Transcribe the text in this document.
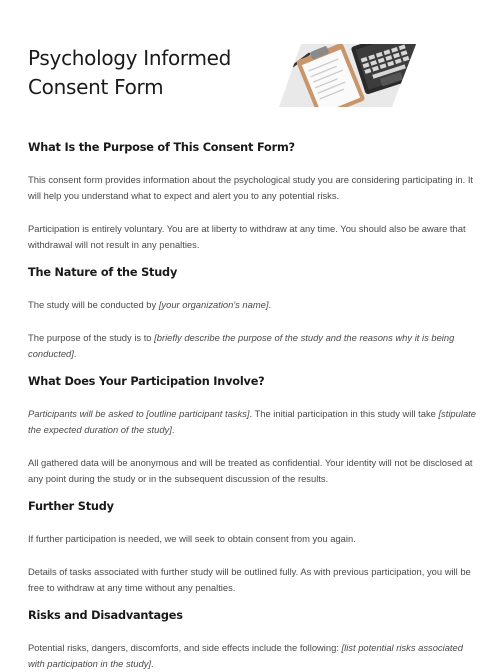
Psychology Informed
Consent Form
What Is the Purpose of This Consent Form?

This consent form provides information about the psychological study you are considering participating in. It will help you understand what to expect and alert you to any potential risks.

Participation is entirely voluntary. You are at liberty to withdraw at any time. You should also be aware that withdrawal will not result in any penalties.

The Nature of the Study

The study will be conducted by [your organization's name].

The purpose of the study is to [briefly describe the purpose of the study and the reasons why it is being conducted].

What Does Your Participation Involve?

Participants will be asked to [outline participant tasks]. The initial participation in this study will take [stipulate the expected duration of the study].

All gathered data will be anonymous and will be treated as confidential. Your identity will not be disclosed at any point during the study or in the subsequent discussion of the results.

Further Study

If further participation is needed, we will seek to obtain consent from you again.

Details of tasks associated with further study will be outlined fully. As with previous participation, you will be free to withdraw at any time without any penalties.

Risks and Disadvantages

Potential risks, dangers, discomforts, and side effects include the following: [list potential risks associated with participation in the study].
